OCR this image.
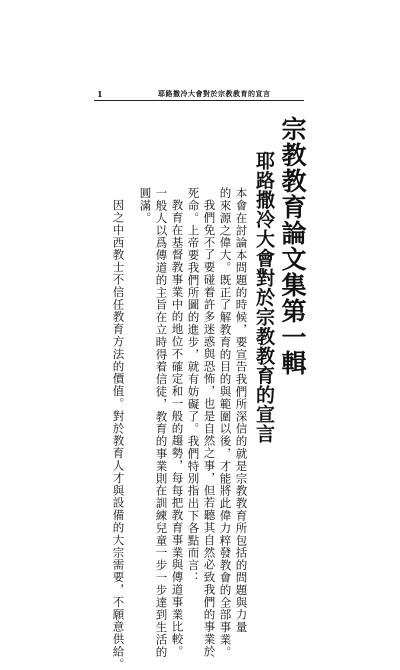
1	耶路撒冷大會對於宗教教育的宣言
宗教教育論文集第一輯
耶路撒冷大會對於宗教教育的宣言
本會在討論本問題的時候，要宣告我們所深信的就是宗教教育所包括的問題與力量
的來源之偉大。既正了解教育的目的與範圍以後，才能將此偉力粹發教會的全部事業。
我們免不了要碰着許多迷惑與恐怖，也是自然之事，但若聽其自然必致我們的事業於
死命。上帝要我們所圖的進步，就有妨礙了。我們特別指出下各點而言：
教育在基督教事業中的地位不確定和一般的趨勢，每每把教育事業與傳道事業比較。
一般人以爲傳道的主旨在立時得着信徒，教育的事業則在訓練兒童一步一步達到生活的
圓滿。
因之中西教士不信任教育方法的價值。對於教育人才與設備的大宗需要，不願意供給。
